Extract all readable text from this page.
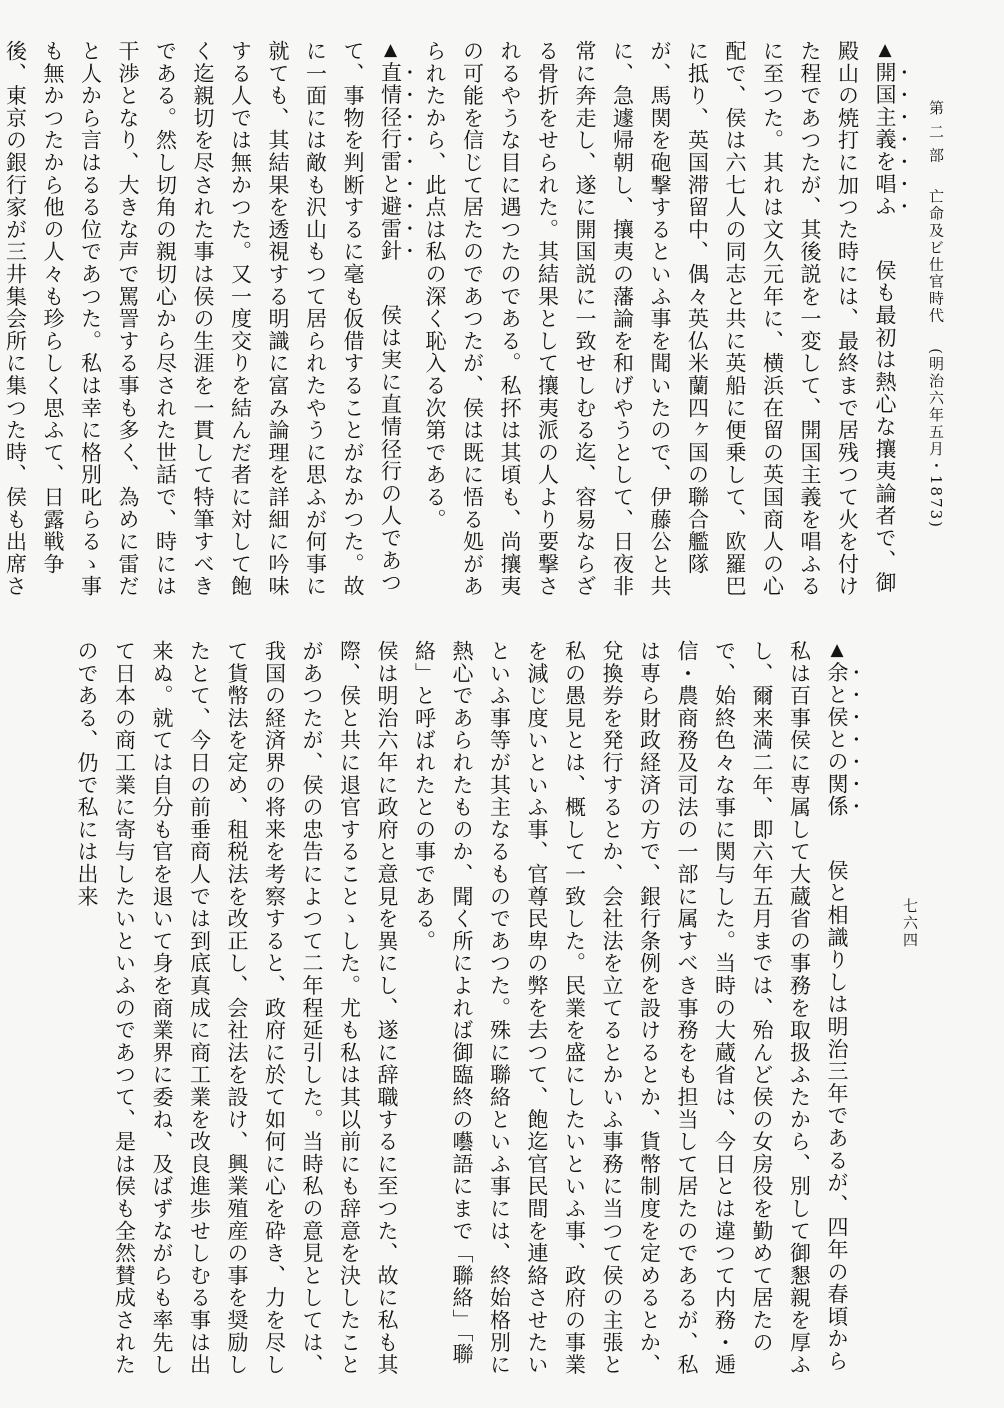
第 二 部　 亡命及ビ仕官時代　 (明治六年五月・1873)
七六四

▲開国主義を唱ふ侯も最初は熱心な攘夷論者で、御殿山の焼打に加つた時には、最終まで居残つて火を付けた程であつたが、其後説を一変して、開国主義を唱ふるに至つた。其れは文久元年に、横浜在留の英国商人の心配で、侯は六七人の同志と共に英船に便乗して、欧羅巴に抵り、英国滞留中、偶々英仏米蘭四ヶ国の聯合艦隊が、馬関を砲撃するといふ事を聞いたので、伊藤公と共に、急遽帰朝し、攘夷の藩論を和げやうとして、日夜非常に奔走し、遂に開国説に一致せしむる迄、容易ならざる骨折をせられた。其結果として攘夷派の人より要撃されるやうな目に遇つたのである。私抔は其頃も、尚攘夷の可能を信じて居たのであつたが、侯は既に悟る処があられたから、此点は私の深く恥入る次第である。

▲直情径行雷と避雷針侯は実に直情径行の人であつて、事物を判断するに毫も仮借することがなかつた。故に一面には敵も沢山もつて居られたやうに思ふが何事に就ても、其結果を透視する明識に富み論理を詳細に吟味する人では無かつた。又一度交りを結んだ者に対して飽く迄親切を尽された事は侯の生涯を一貫して特筆すべきである。然し切角の親切心から尽された世話で、時には干渉となり、大きな声で罵詈する事も多く、為めに雷だと人から言はるる位であつた。私は幸に格別叱らるゝ事も無かつたから他の人々も珍らしく思ふて、日露戦争後、東京の銀行家が三井集会所に集つた時、侯も出席さ

▲余と侯との関係侯と相識りしは明治三年であるが、四年の春頃から私は百事侯に専属して大蔵省の事務を取扱ふたから、別して御懇親を厚ふし、爾来満二年、即六年五月までは、殆んど侯の女房役を勤めて居たので、始終色々な事に関与した。当時の大蔵省は、今日とは違つて内務・逓信・農商務及司法の一部に属すべき事務をも担当して居たのであるが、私は専ら財政経済の方で、銀行条例を設けるとか、貨幣制度を定めるとか、兌換券を発行するとか、会社法を立てるとかいふ事務に当つて侯の主張と私の愚見とは、概して一致した。民業を盛にしたいといふ事、政府の事業を減じ度いといふ事、官尊民卑の弊を去つて、飽迄官民間を連絡させたいといふ事等が其主なるものであつた。殊に聯絡といふ事には、終始格別に熱心であられたものか、聞く所によれば御臨終の囈語にまで「聯絡」「聯絡」と呼ばれたとの事である。

侯は明治六年に政府と意見を異にし、遂に辞職するに至つた、故に私も其際、侯と共に退官することゝした。尤も私は其以前にも辞意を決したことがあつたが、侯の忠告によつて二年程延引した。当時私の意見としては、我国の経済界の将来を考察すると、政府に於て如何に心を砕き、力を尽して貨幣法を定め、租税法を改正し、会社法を設け、興業殖産の事を奨励したとて、今日の前垂商人では到底真成に商工業を改良進歩せしむる事は出来ぬ。就ては自分も官を退いて身を商業界に委ね、及ばずながらも率先して日本の商工業に寄与したいといふのであつて、是は侯も全然賛成されたのである、仍で私には出来
